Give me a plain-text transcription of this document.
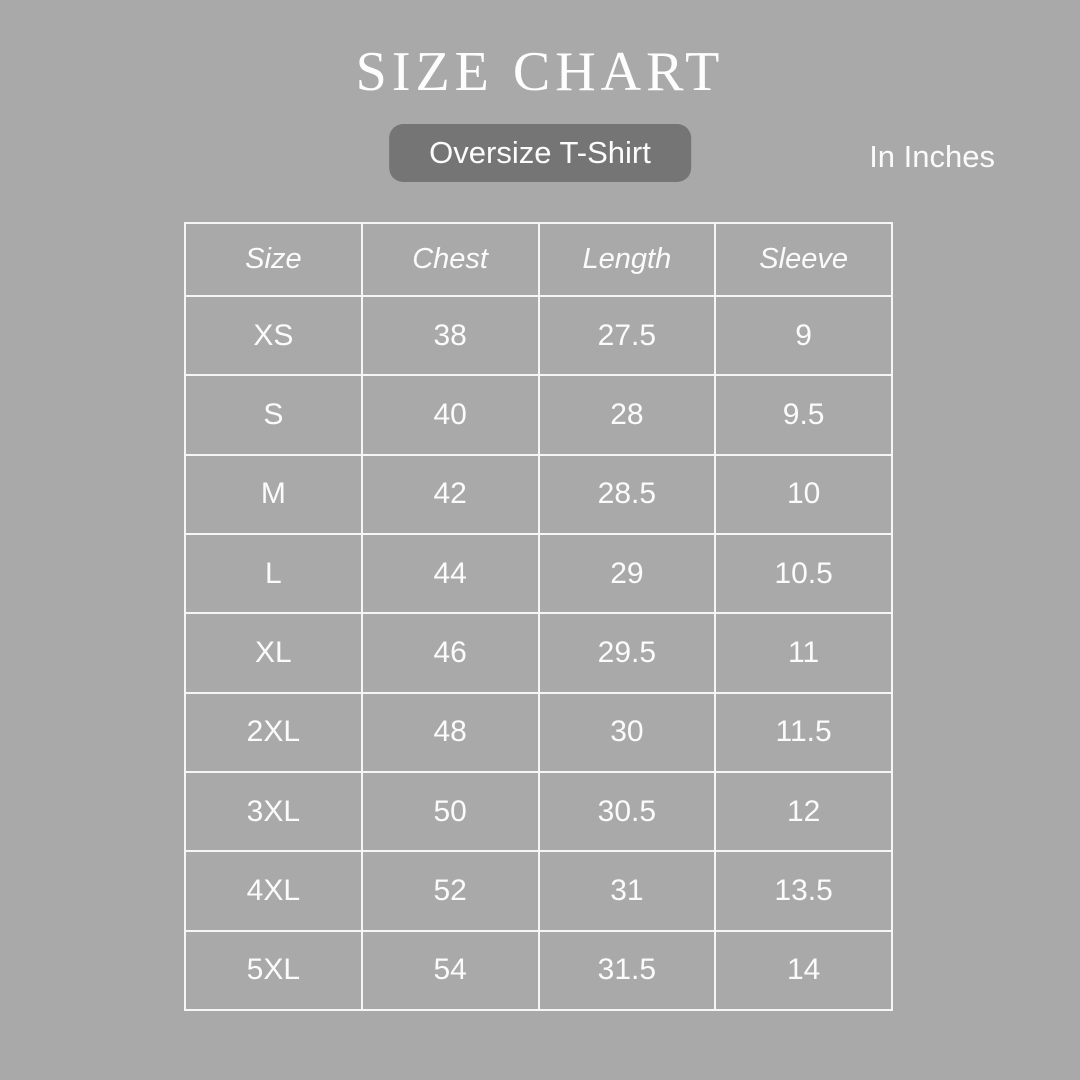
SIZE CHART
Oversize T-Shirt	In Inches
Size	Chest	Length	Sleeve
XS	38	27.5	9
S	40	28	9.5
M	42	28.5	10
L	44	29	10.5
XL	46	29.5	11
2XL	48	30	11.5
3XL	50	30.5	12
4XL	52	31	13.5
5XL	54	31.5	14
